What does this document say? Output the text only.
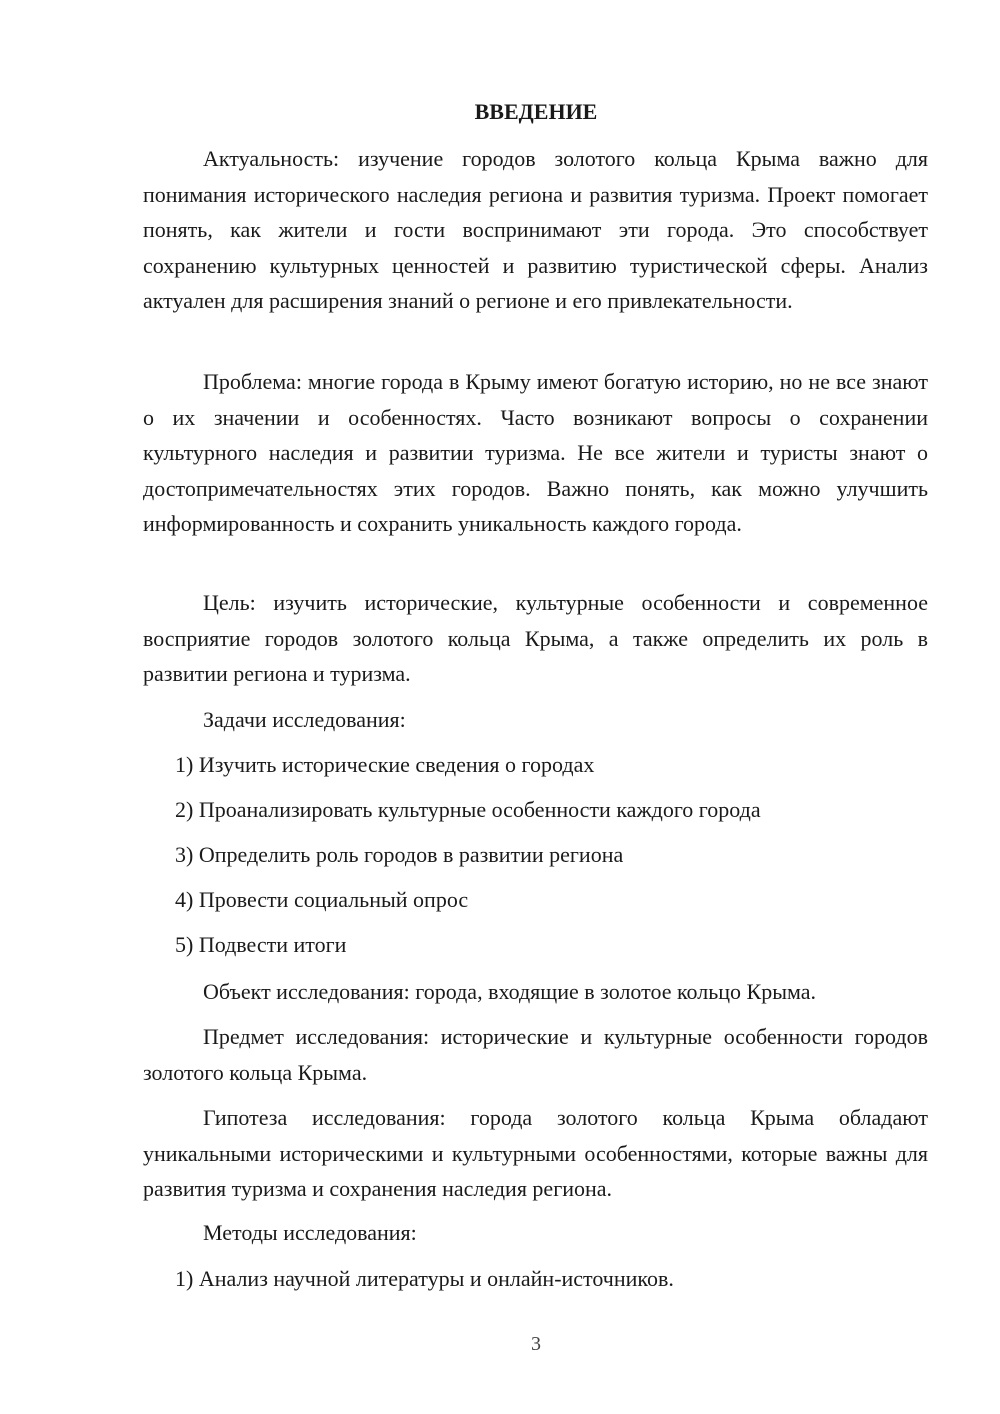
ВВЕДЕНИЕ

Актуальность: изучение городов золотого кольца Крыма важно для понимания исторического наследия региона и развития туризма. Проект помогает понять, как жители и гости воспринимают эти города. Это способствует сохранению культурных ценностей и развитию туристической сферы. Анализ актуален для расширения знаний о регионе и его привлекательности.

Проблема: многие города в Крыму имеют богатую историю, но не все знают о их значении и особенностях. Часто возникают вопросы о сохранении культурного наследия и развитии туризма. Не все жители и туристы знают о достопримечательностях этих городов. Важно понять, как можно улучшить информированность и сохранить уникальность каждого города.

Цель: изучить исторические, культурные особенности и современное восприятие городов золотого кольца Крыма, а также определить их роль в развитии региона и туризма.

Задачи исследования:
1) Изучить исторические сведения о городах
2) Проанализировать культурные особенности каждого города
3) Определить роль городов в развитии региона
4) Провести социальный опрос
5) Подвести итоги
Объект исследования: города, входящие в золотое кольцо Крыма.

Предмет исследования: исторические и культурные особенности городов золотого кольца Крыма.

Гипотеза исследования: города золотого кольца Крыма обладают уникальными историческими и культурными особенностями, которые важны для развития туризма и сохранения наследия региона.

Методы исследования:
1) Анализ научной литературы и онлайн-источников.
3
